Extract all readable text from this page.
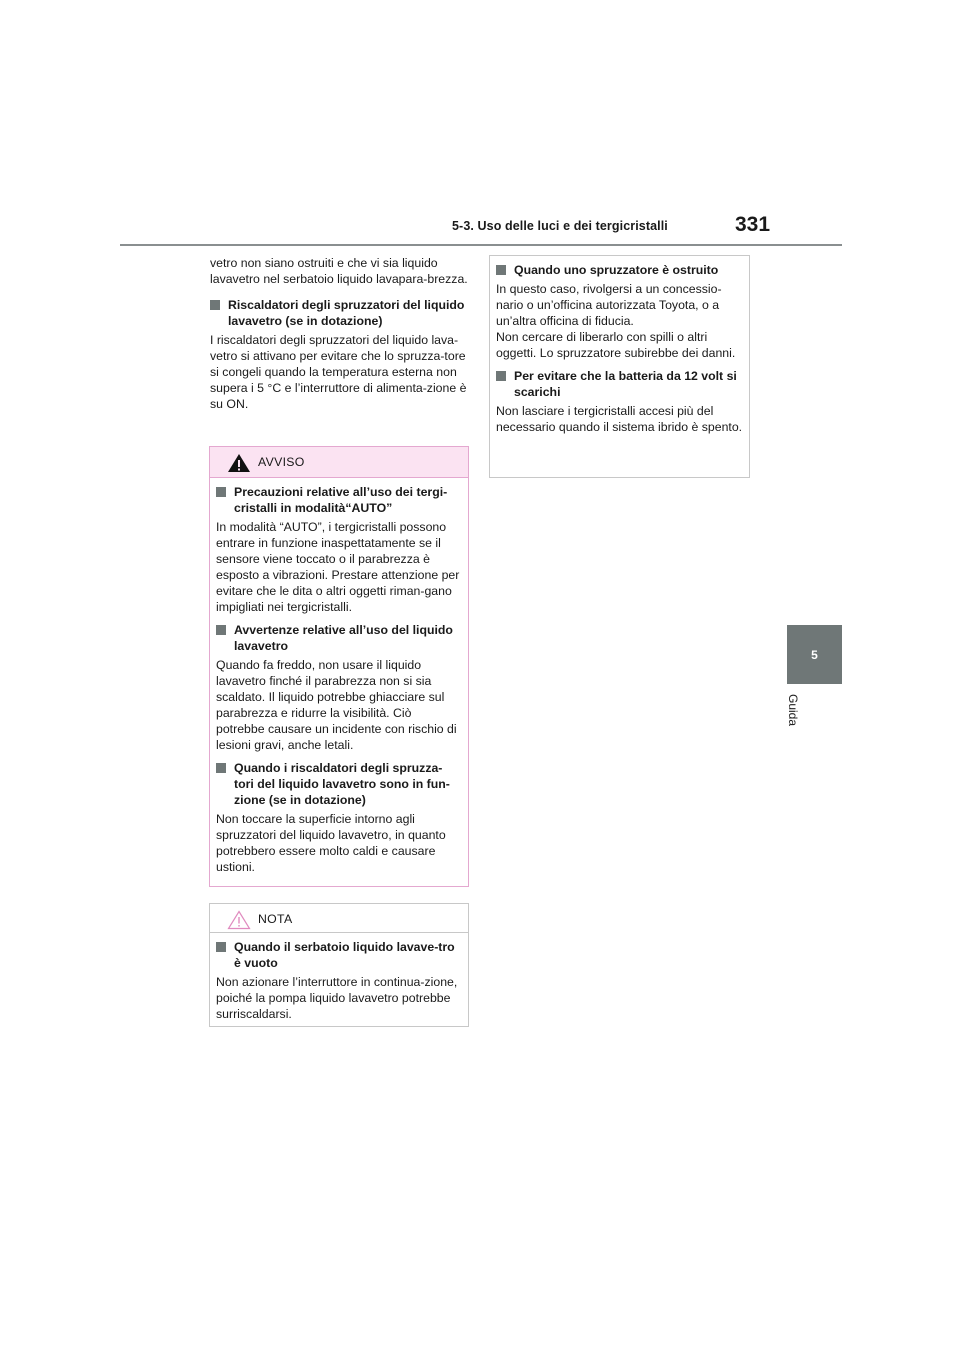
5-3. Uso delle luci e dei tergicristalli	331
5
Guida

vetro non siano ostruiti e che vi sia liquido lavavetro nel serbatoio liquido lavapara-brezza.

Riscaldatori degli spruzzatori del liquido lavavetro (se in dotazione)

I riscaldatori degli spruzzatori del liquido lava-vetro si attivano per evitare che lo spruzza-tore si congeli quando la temperatura esterna non supera i 5 °C e l’interruttore di alimenta-zione è su ON.

AVVISO
Precauzioni relative all’uso dei tergi-cristalli in modalità“AUTO”

In modalità “AUTO”, i tergicristalli possono entrare in funzione inaspettatamente se il sensore viene toccato o il parabrezza è esposto a vibrazioni. Prestare attenzione per evitare che le dita o altri oggetti riman-gano impigliati nei tergicristalli.

Avvertenze relative all’uso del liquido lavavetro

Quando fa freddo, non usare il liquido lavavetro finché il parabrezza non si sia scaldato. Il liquido potrebbe ghiacciare sul parabrezza e ridurre la visibilità. Ciò potrebbe causare un incidente con rischio di lesioni gravi, anche letali.

Quando i riscaldatori degli spruzza-tori del liquido lavavetro sono in fun-zione (se in dotazione)

Non toccare la superficie intorno agli spruzzatori del liquido lavavetro, in quanto potrebbero essere molto caldi e causare ustioni.

NOTA
Quando il serbatoio liquido lavave-tro è vuoto

Non azionare l’interruttore in continua-zione, poiché la pompa liquido lavavetro potrebbe surriscaldarsi.

Quando uno spruzzatore è ostruito

In questo caso, rivolgersi a un concessio-nario o un’officina autorizzata Toyota, o a un’altra officina di fiducia.
Non cercare di liberarlo con spilli o altri oggetti. Lo spruzzatore subirebbe dei danni.

Per evitare che la batteria da 12 volt si scarichi

Non lasciare i tergicristalli accesi più del necessario quando il sistema ibrido è spento.
